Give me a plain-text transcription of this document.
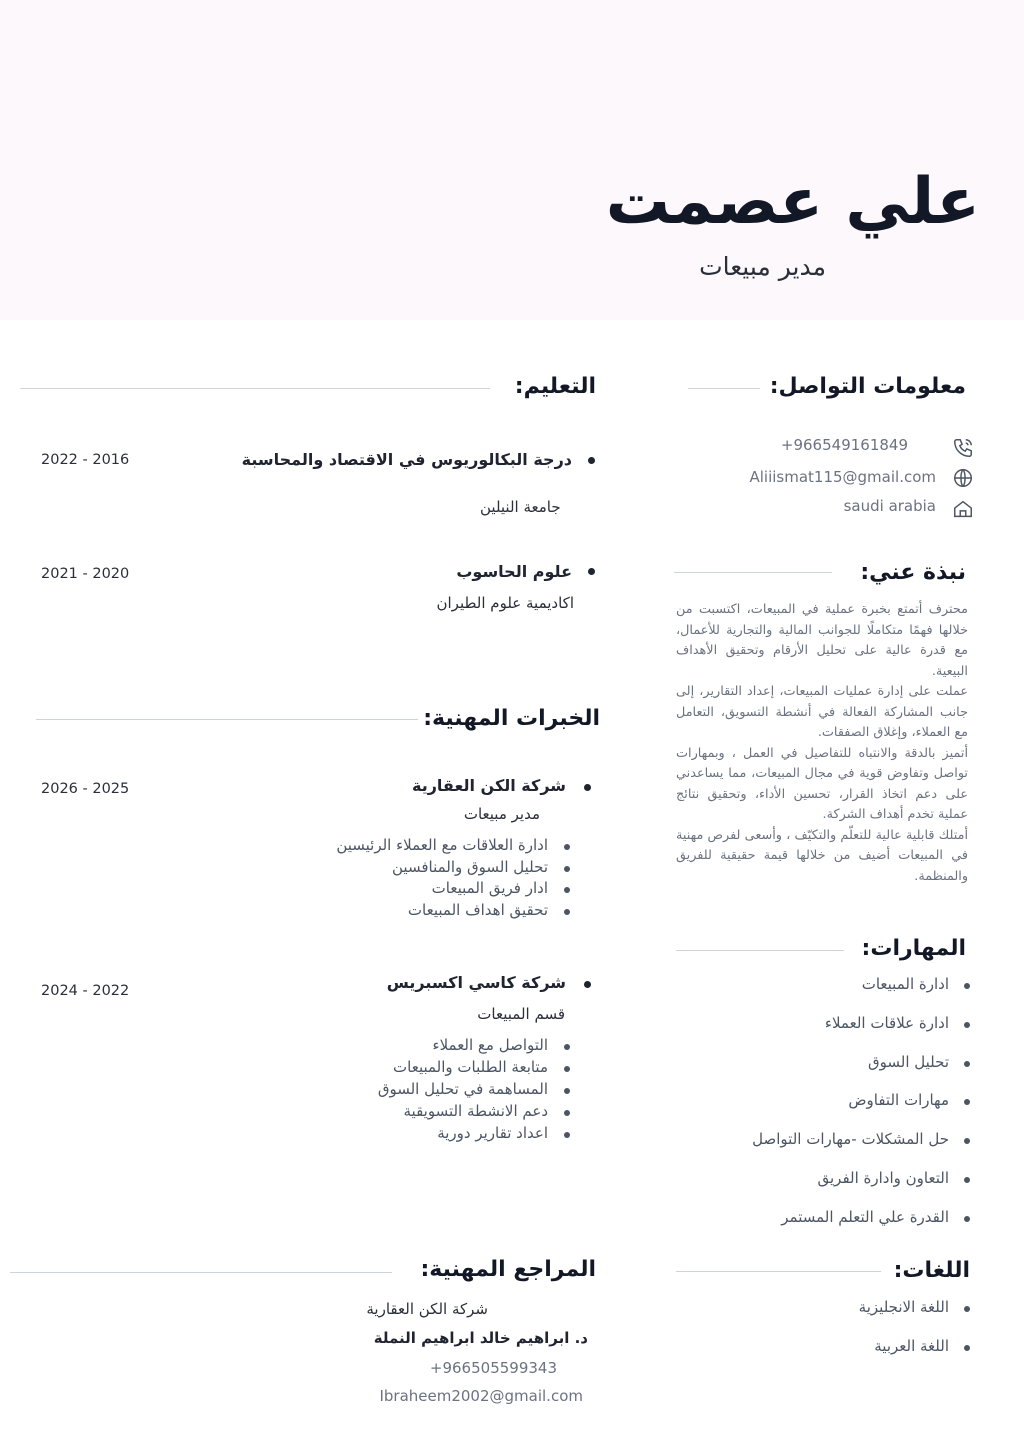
علي عصمت
مدير مبيعات
معلومات التواصل:
+966549161849
Aliiismat115@gmail.com
saudi arabia
نبذة عني:

محترف أتمتع بخبرة عملية في المبيعات، اكتسبت من خلالها فهمًا متكاملًا للجوانب المالية والتجارية للأعمال، مع قدرة عالية على تحليل الأرقام وتحقيق الأهداف البيعية.

عملت على إدارة عمليات المبيعات، إعداد التقارير، إلى جانب المشاركة الفعالة في أنشطة التسويق، التعامل مع العملاء، وإغلاق الصفقات.

أتميز بالدقة والانتباه للتفاصيل في العمل ، وبمهارات تواصل وتفاوض قوية في مجال المبيعات، مما يساعدني على دعم اتخاذ القرار، تحسين الأداء، وتحقيق نتائج عملية تخدم أهداف الشركة.

أمتلك قابلية عالية للتعلّم والتكيّف ، وأسعى لفرص مهنية في المبيعات أضيف من خلالها قيمة حقيقية للفريق والمنظمة.

المهارات:
ادارة المبيعات
ادارة علاقات العملاء
تحليل السوق
مهارات التفاوض
حل المشكلات -مهارات التواصل
التعاون وادارة الفريق
القدرة علي التعلم المستمر
اللغات:
اللغة الانجليزية
اللغة العربية
التعليم:
درجة البكالوريوس في الاقتصاد والمحاسبة
2022 - 2016
جامعة النيلين
علوم الحاسوب
2021 - 2020
اكاديمية علوم الطيران
الخبرات المهنية:
شركة الكن العقارية
2026 - 2025
مدير مبيعات
ادارة العلاقات مع العملاء الرئيسين
تحليل السوق والمنافسين
ادار فريق المبيعات
تحقيق اهداف المبيعات
شركة كاسي اكسبريس
2024 - 2022
قسم المبيعات
التواصل مع العملاء
متابعة الطلبات والمبيعات
المساهمة في تحليل السوق
دعم الانشطة التسويقية
اعداد تقارير دورية
المراجع المهنية:
شركة الكن العقارية
د. ابراهيم خالد ابراهيم النملة
+966505599343
Ibraheem2002@gmail.com
